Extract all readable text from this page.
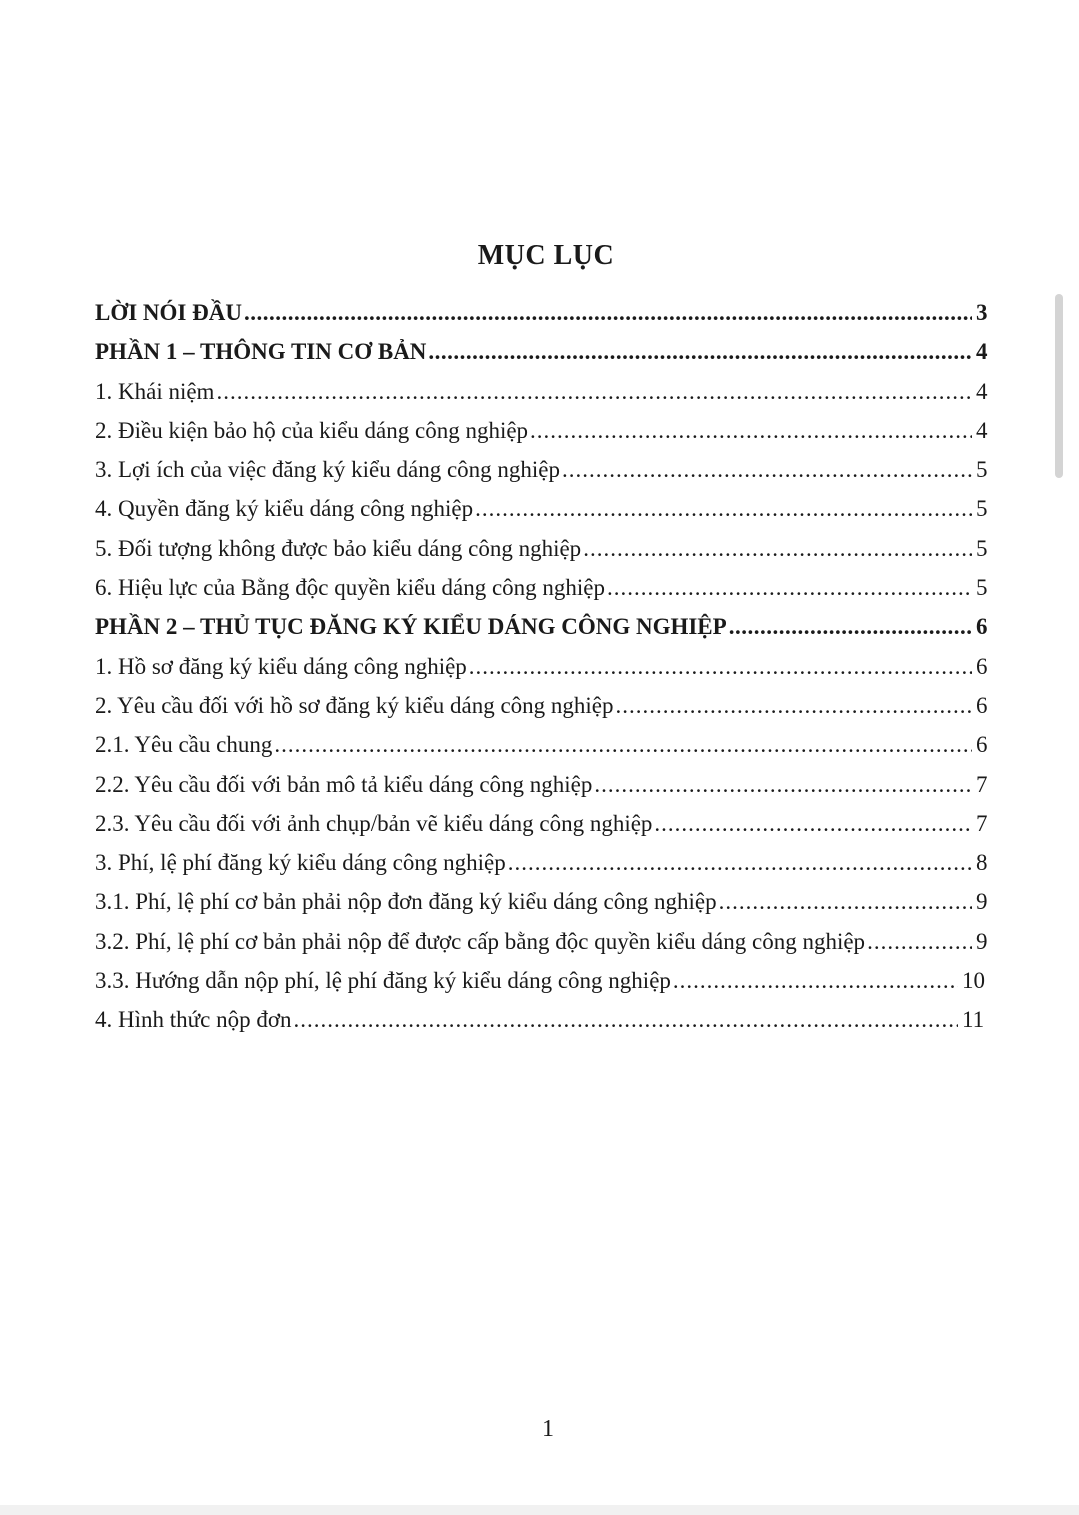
MỤC LỤC
LỜI NÓI ĐẦU .....	3
PHẦN 1 – THÔNG TIN CƠ BẢN .....	4
1. Khái niệm .....	4
2. Điều kiện bảo hộ của kiểu dáng công nghiệp .....	4
3. Lợi ích của việc đăng ký kiểu dáng công nghiệp .....	5
4. Quyền đăng ký kiểu dáng công nghiệp .....	5
5. Đối tượng không được bảo kiểu dáng công nghiệp .....	5
6. Hiệu lực của Bằng độc quyền kiểu dáng công nghiệp .....	5
PHẦN 2 – THỦ TỤC ĐĂNG KÝ KIỂU DÁNG CÔNG NGHIỆP .....	6
1. Hồ sơ đăng ký kiểu dáng công nghiệp .....	6
2. Yêu cầu đối với hồ sơ đăng ký kiểu dáng công nghiệp .....	6
2.1. Yêu cầu chung .....	6
2.2. Yêu cầu đối với bản mô tả kiểu dáng công nghiệp .....	7
2.3. Yêu cầu đối với ảnh chụp/bản vẽ kiểu dáng công nghiệp .....	7
3. Phí, lệ phí đăng ký kiểu dáng công nghiệp .....	8
3.1. Phí, lệ phí cơ bản phải nộp đơn đăng ký kiểu dáng công nghiệp .....	9
3.2. Phí, lệ phí cơ bản phải nộp để được cấp bằng độc quyền kiểu dáng công nghiệp .....	9
3.3. Hướng dẫn nộp phí, lệ phí đăng ký kiểu dáng công nghiệp .....	10
4. Hình thức nộp đơn .....	11
1
